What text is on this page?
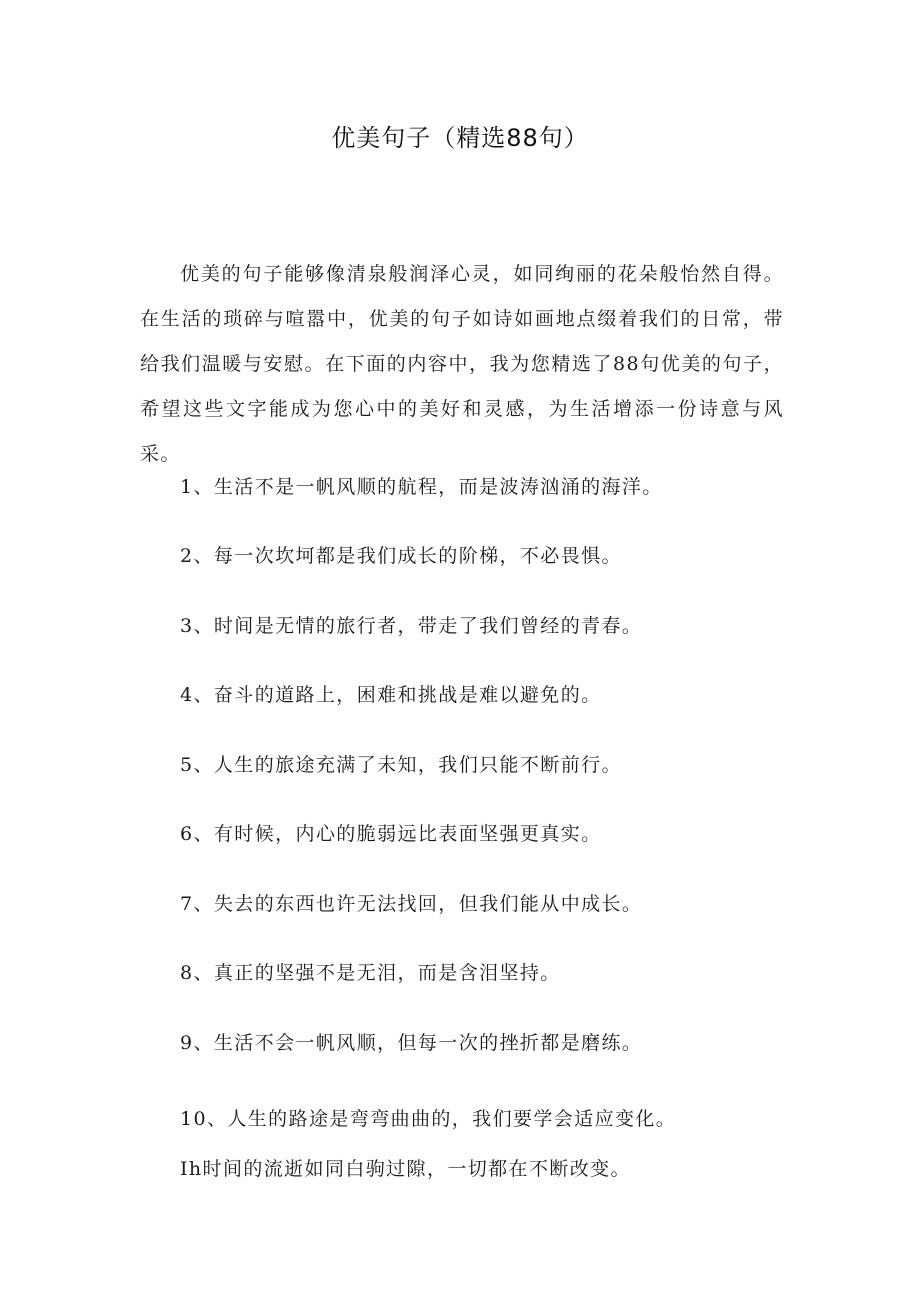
优美句子（精选88句）

优美的句子能够像清泉般润泽心灵，如同绚丽的花朵般怡然自得。在生活的琐碎与喧嚣中，优美的句子如诗如画地点缀着我们的日常，带给我们温暖与安慰。在下面的内容中，我为您精选了88句优美的句子，希望这些文字能成为您心中的美好和灵感，为生活增添一份诗意与风采。

1、生活不是一帆风顺的航程，而是波涛汹涌的海洋。

2、每一次坎坷都是我们成长的阶梯，不必畏惧。

3、时间是无情的旅行者，带走了我们曾经的青春。

4、奋斗的道路上，困难和挑战是难以避免的。

5、人生的旅途充满了未知，我们只能不断前行。

6、有时候，内心的脆弱远比表面坚强更真实。

7、失去的东西也许无法找回，但我们能从中成长。

8、真正的坚强不是无泪，而是含泪坚持。

9、生活不会一帆风顺，但每一次的挫折都是磨练。

10、人生的路途是弯弯曲曲的，我们要学会适应变化。

Ih时间的流逝如同白驹过隙，一切都在不断改变。
